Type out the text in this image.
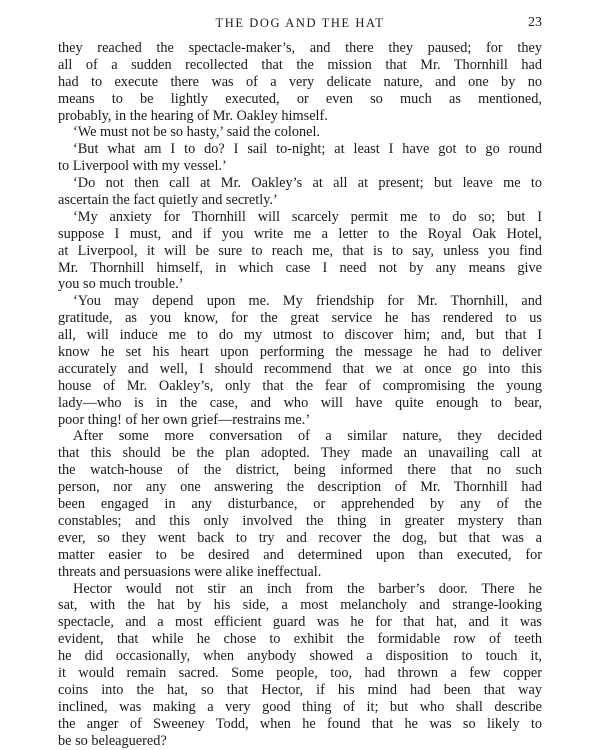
THE DOG AND THE HAT	23
they reached the spectacle-maker’s, and there they paused; for they
all of a sudden recollected that the mission that Mr. Thornhill had
had to execute there was of a very delicate nature, and one by no
means to be lightly executed, or even so much as mentioned,
probably, in the hearing of Mr. Oakley himself.
‘We must not be so hasty,’ said the colonel.
‘But what am I to do? I sail to-night; at least I have got to go round
to Liverpool with my vessel.’
‘Do not then call at Mr. Oakley’s at all at present; but leave me to
ascertain the fact quietly and secretly.’
‘My anxiety for Thornhill will scarcely permit me to do so; but I
suppose I must, and if you write me a letter to the Royal Oak Hotel,
at Liverpool, it will be sure to reach me, that is to say, unless you find
Mr. Thornhill himself, in which case I need not by any means give
you so much trouble.’
‘You may depend upon me. My friendship for Mr. Thornhill, and
gratitude, as you know, for the great service he has rendered to us
all, will induce me to do my utmost to discover him; and, but that I
know he set his heart upon performing the message he had to deliver
accurately and well, I should recommend that we at once go into this
house of Mr. Oakley’s, only that the fear of compromising the young
lady—who is in the case, and who will have quite enough to bear,
poor thing! of her own grief—restrains me.’
After some more conversation of a similar nature, they decided
that this should be the plan adopted. They made an unavailing call at
the watch-house of the district, being informed there that no such
person, nor any one answering the description of Mr. Thornhill had
been engaged in any disturbance, or apprehended by any of the
constables; and this only involved the thing in greater mystery than
ever, so they went back to try and recover the dog, but that was a
matter easier to be desired and determined upon than executed, for
threats and persuasions were alike ineffectual.
Hector would not stir an inch from the barber’s door. There he
sat, with the hat by his side, a most melancholy and strange-looking
spectacle, and a most efficient guard was he for that hat, and it was
evident, that while he chose to exhibit the formidable row of teeth
he did occasionally, when anybody showed a disposition to touch it,
it would remain sacred. Some people, too, had thrown a few copper
coins into the hat, so that Hector, if his mind had been that way
inclined, was making a very good thing of it; but who shall describe
the anger of Sweeney Todd, when he found that he was so likely to
be so beleaguered?
